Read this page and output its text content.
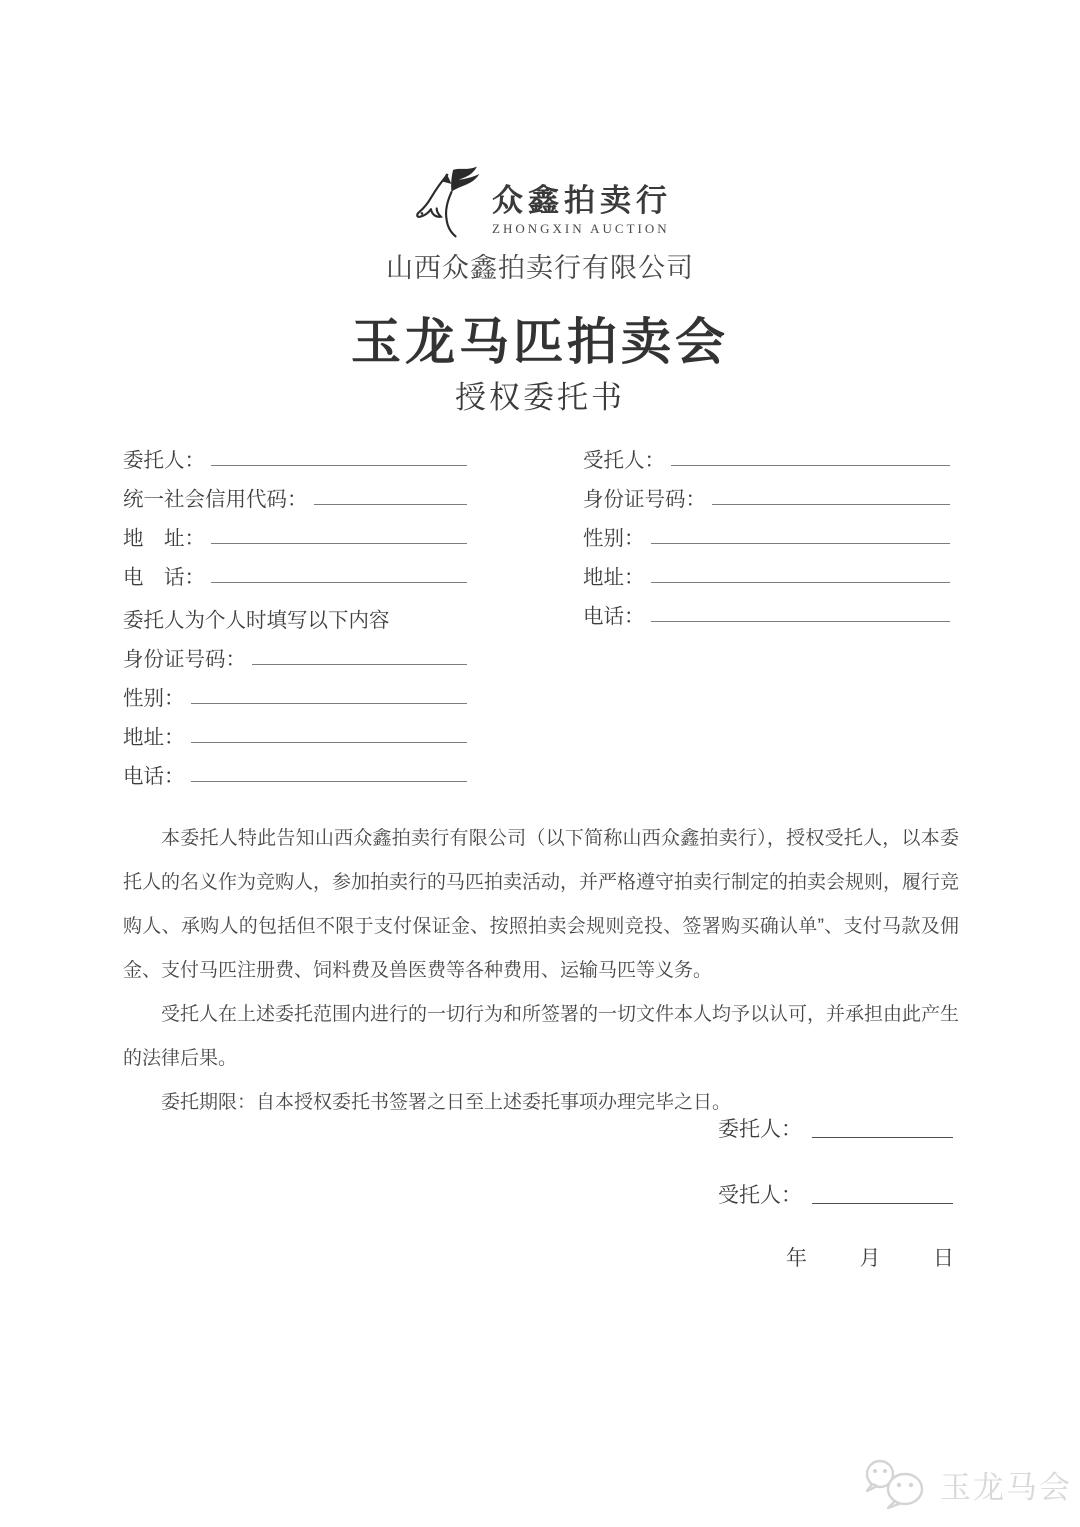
众鑫拍卖行
ZHONGXIN AUCTION
山西众鑫拍卖行有限公司
玉龙马匹拍卖会
授权委托书
委托人：
统一社会信用代码：
地　址：
电　话：
委托人为个人时填写以下内容
身份证号码：
性别：
地址：
电话：
受托人：
身份证号码：
性别：
地址：
电话：

本委托人特此告知山西众鑫拍卖行有限公司（以下简称山西众鑫拍卖行），授权受托人，以本委托人的名义作为竞购人，参加拍卖行的马匹拍卖活动，并严格遵守拍卖行制定的拍卖会规则，履行竞购人、承购人的包括但不限于支付保证金、按照拍卖会规则竞投、签署购买确认单”、支付马款及佣金、支付马匹注册费、饲料费及兽医费等各种费用、运输马匹等义务。

受托人在上述委托范围内进行的一切行为和所签署的一切文件本人均予以认可，并承担由此产生的法律后果。

委托期限：自本授权委托书签署之日至上述委托事项办理完毕之日。

委托人：
受托人：
年	月	日
玉龙马会
